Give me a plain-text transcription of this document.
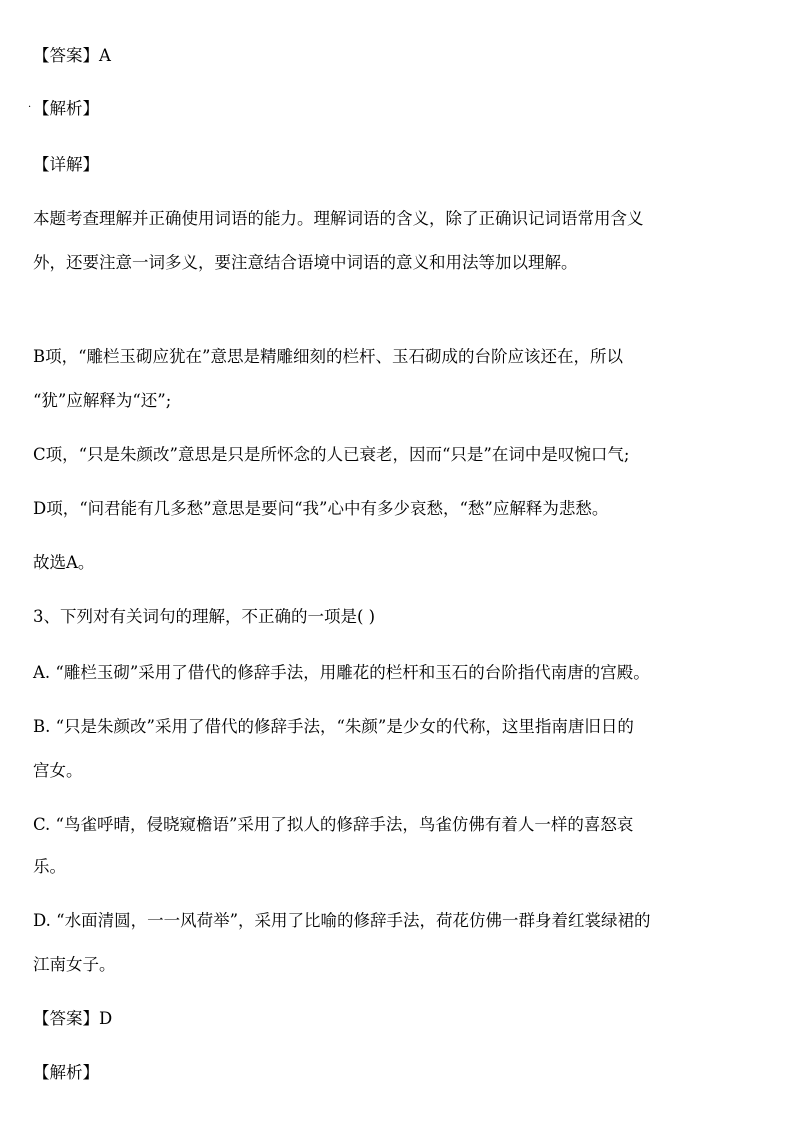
【答案】A
· 【解析】
【详解】
本题考查理解并正确使用词语的能力。理解词语的含义，除了正确识记词语常用含义
外，还要注意一词多义，要注意结合语境中词语的意义和用法等加以理解。
B项，“雕栏玉砌应犹在”意思是精雕细刻的栏杆、玉石砌成的台阶应该还在，所以
“犹”应解释为“还”;
C项，“只是朱颜改”意思是只是所怀念的人已衰老，因而“只是”在词中是叹惋口气;
D项，“问君能有几多愁”意思是要问“我”心中有多少哀愁，“愁”应解释为悲愁。
故选A。
3、下列对有关词句的理解，不正确的一项是( )
A. “雕栏玉砌”采用了借代的修辞手法，用雕花的栏杆和玉石的台阶指代南唐的宫殿。
B. “只是朱颜改”采用了借代的修辞手法，“朱颜”是少女的代称，这里指南唐旧日的
宫女。
C. “鸟雀呼晴，侵晓窥檐语”采用了拟人的修辞手法，鸟雀仿佛有着人一样的喜怒哀
乐。
D. “水面清圆，一一风荷举”，采用了比喻的修辞手法，荷花仿佛一群身着红裳绿裙的
江南女子。
【答案】D
【解析】
